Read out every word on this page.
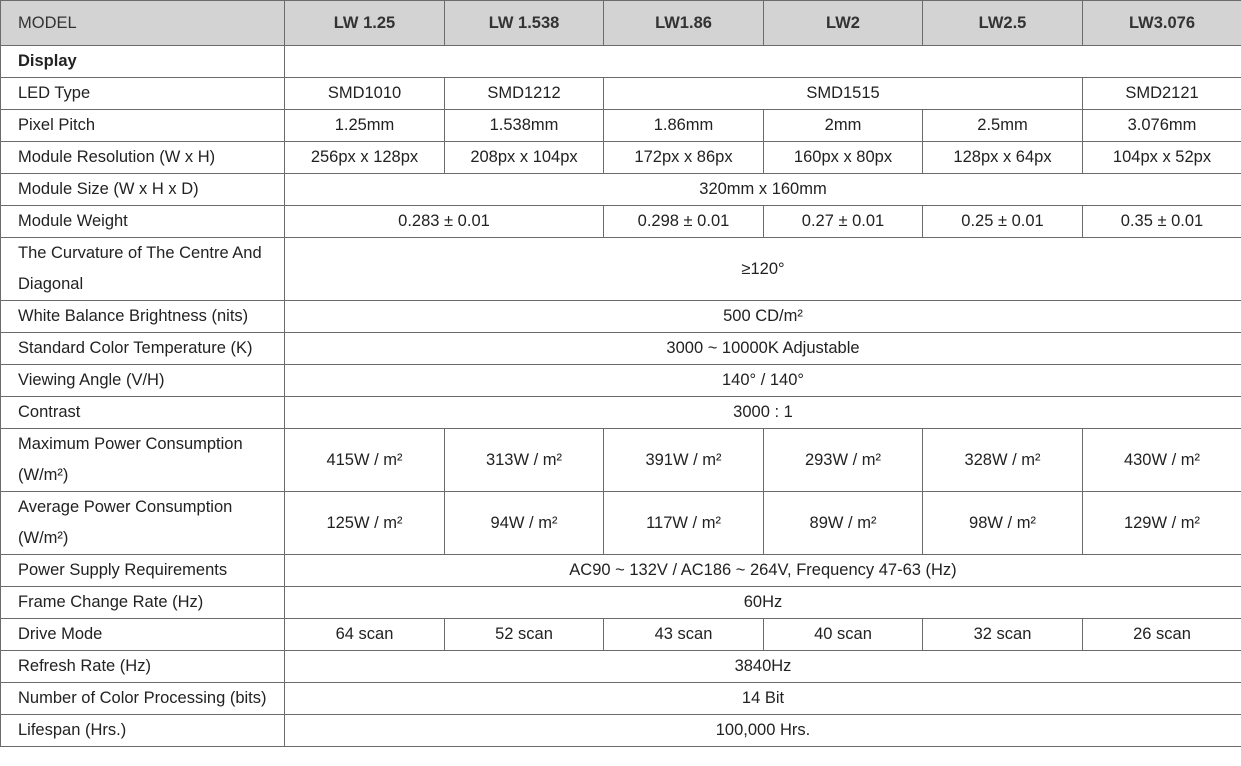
MODEL	LW 1.25	LW 1.538	LW1.86	LW2	LW2.5	LW3.076
Display						
LED Type	SMD1010	SMD1212	SMD1515			SMD2121
Pixel Pitch	1.25mm	1.538mm	1.86mm	2mm	2.5mm	3.076mm
Module Resolution (W x H)	256px x 128px	208px x 104px	172px x 86px	160px x 80px	128px x 64px	104px x 52px
Module Size (W x H x D)	320mm x 160mm					
Module Weight	0.283 ± 0.01		0.298 ± 0.01	0.27 ± 0.01	0.25 ± 0.01	0.35 ± 0.01
The Curvature of The Centre And Diagonal	≥120°					
White Balance Brightness (nits)	500 CD/m²					
Standard Color Temperature (K)	3000 ~ 10000K Adjustable					
Viewing Angle (V/H)	140° / 140°					
Contrast	3000 : 1					
Maximum Power Consumption (W/m²)	415W / m²	313W / m²	391W / m²	293W / m²	328W / m²	430W / m²
Average Power Consumption (W/m²)	125W / m²	94W / m²	117W / m²	89W / m²	98W / m²	129W / m²
Power Supply Requirements	AC90 ~ 132V / AC186 ~ 264V, Frequency 47-63 (Hz)					
Frame Change Rate (Hz)	60Hz					
Drive Mode	64 scan	52 scan	43 scan	40 scan	32 scan	26 scan
Refresh Rate (Hz)	3840Hz					
Number of Color Processing (bits)	14 Bit					
Lifespan (Hrs.)	100,000 Hrs.					
